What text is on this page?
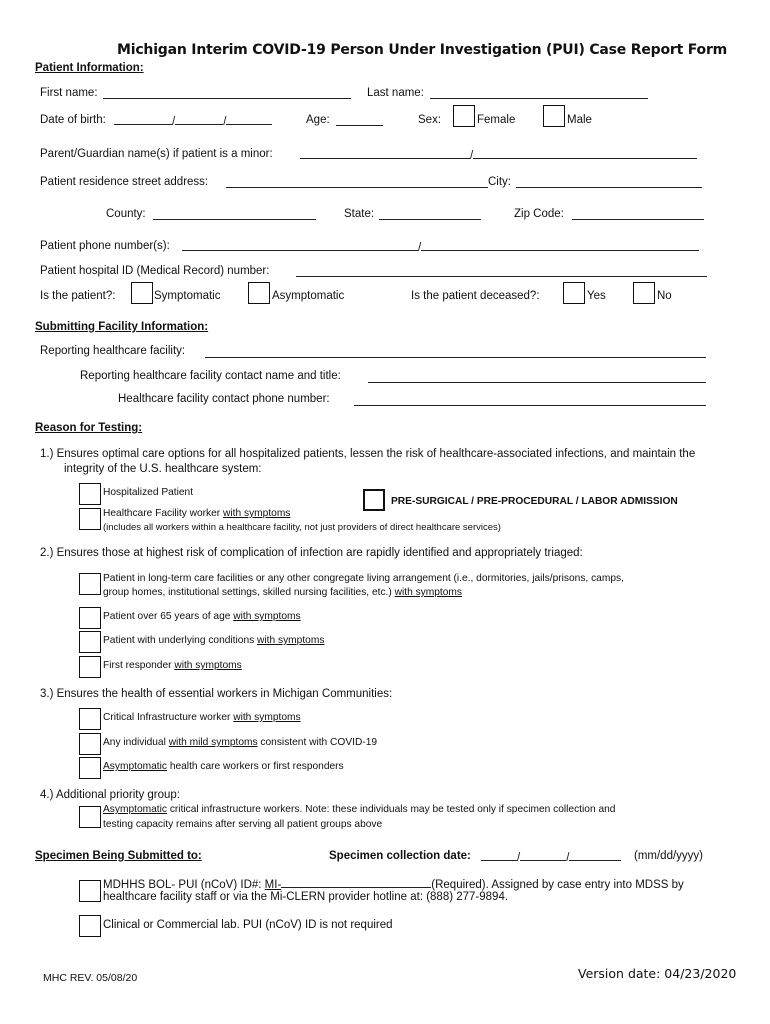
Michigan Interim COVID-19 Person Under Investigation (PUI) Case Report Form
Patient Information:
First name:	Last name:
Date of birth:	/	/	Age:	Sex:	Female	Male
Parent/Guardian name(s) if patient is a minor:	/
Patient residence street address:	City:
County:	State:	Zip Code:
Patient phone number(s):	/
Patient hospital ID (Medical Record) number:
Is the patient?:	Symptomatic	Asymptomatic	Is the patient deceased?:	Yes	No
Submitting Facility Information:
Reporting healthcare facility:
Reporting healthcare facility contact name and title:
Healthcare facility contact phone number:
Reason for Testing:
1.) Ensures optimal care options for all hospitalized patients, lessen the risk of healthcare-associated infections, and maintain the
integrity of the U.S. healthcare system:
Hospitalized Patient
PRE-SURGICAL / PRE-PROCEDURAL / LABOR ADMISSION
Healthcare Facility worker with symptoms
(includes all workers within a healthcare facility, not just providers of direct healthcare services)
2.) Ensures those at highest risk of complication of infection are rapidly identified and appropriately triaged:
Patient in long-term care facilities or any other congregate living arrangement (i.e., dormitories, jails/prisons, camps,
group homes, institutional settings, skilled nursing facilities, etc.) with symptoms
Patient over 65 years of age with symptoms
Patient with underlying conditions with symptoms
First responder with symptoms
3.) Ensures the health of essential workers in Michigan Communities:
Critical Infrastructure worker with symptoms
Any individual with mild symptoms consistent with COVID-19
Asymptomatic health care workers or first responders
4.) Additional priority group:
Asymptomatic critical infrastructure workers. Note: these individuals may be tested only if specimen collection and
testing capacity remains after serving all patient groups above
Specimen Being Submitted to:	Specimen collection date:	/	/	(mm/dd/yyyy)
MDHHS BOL- PUI (nCoV) ID#: MI-	(Required). Assigned by case entry into MDSS by
healthcare facility staff or via the Mi-CLERN provider hotline at: (888) 277-9894.
Clinical or Commercial lab. PUI (nCoV) ID is not required
MHC REV. 05/08/20	Version date: 04/23/2020
